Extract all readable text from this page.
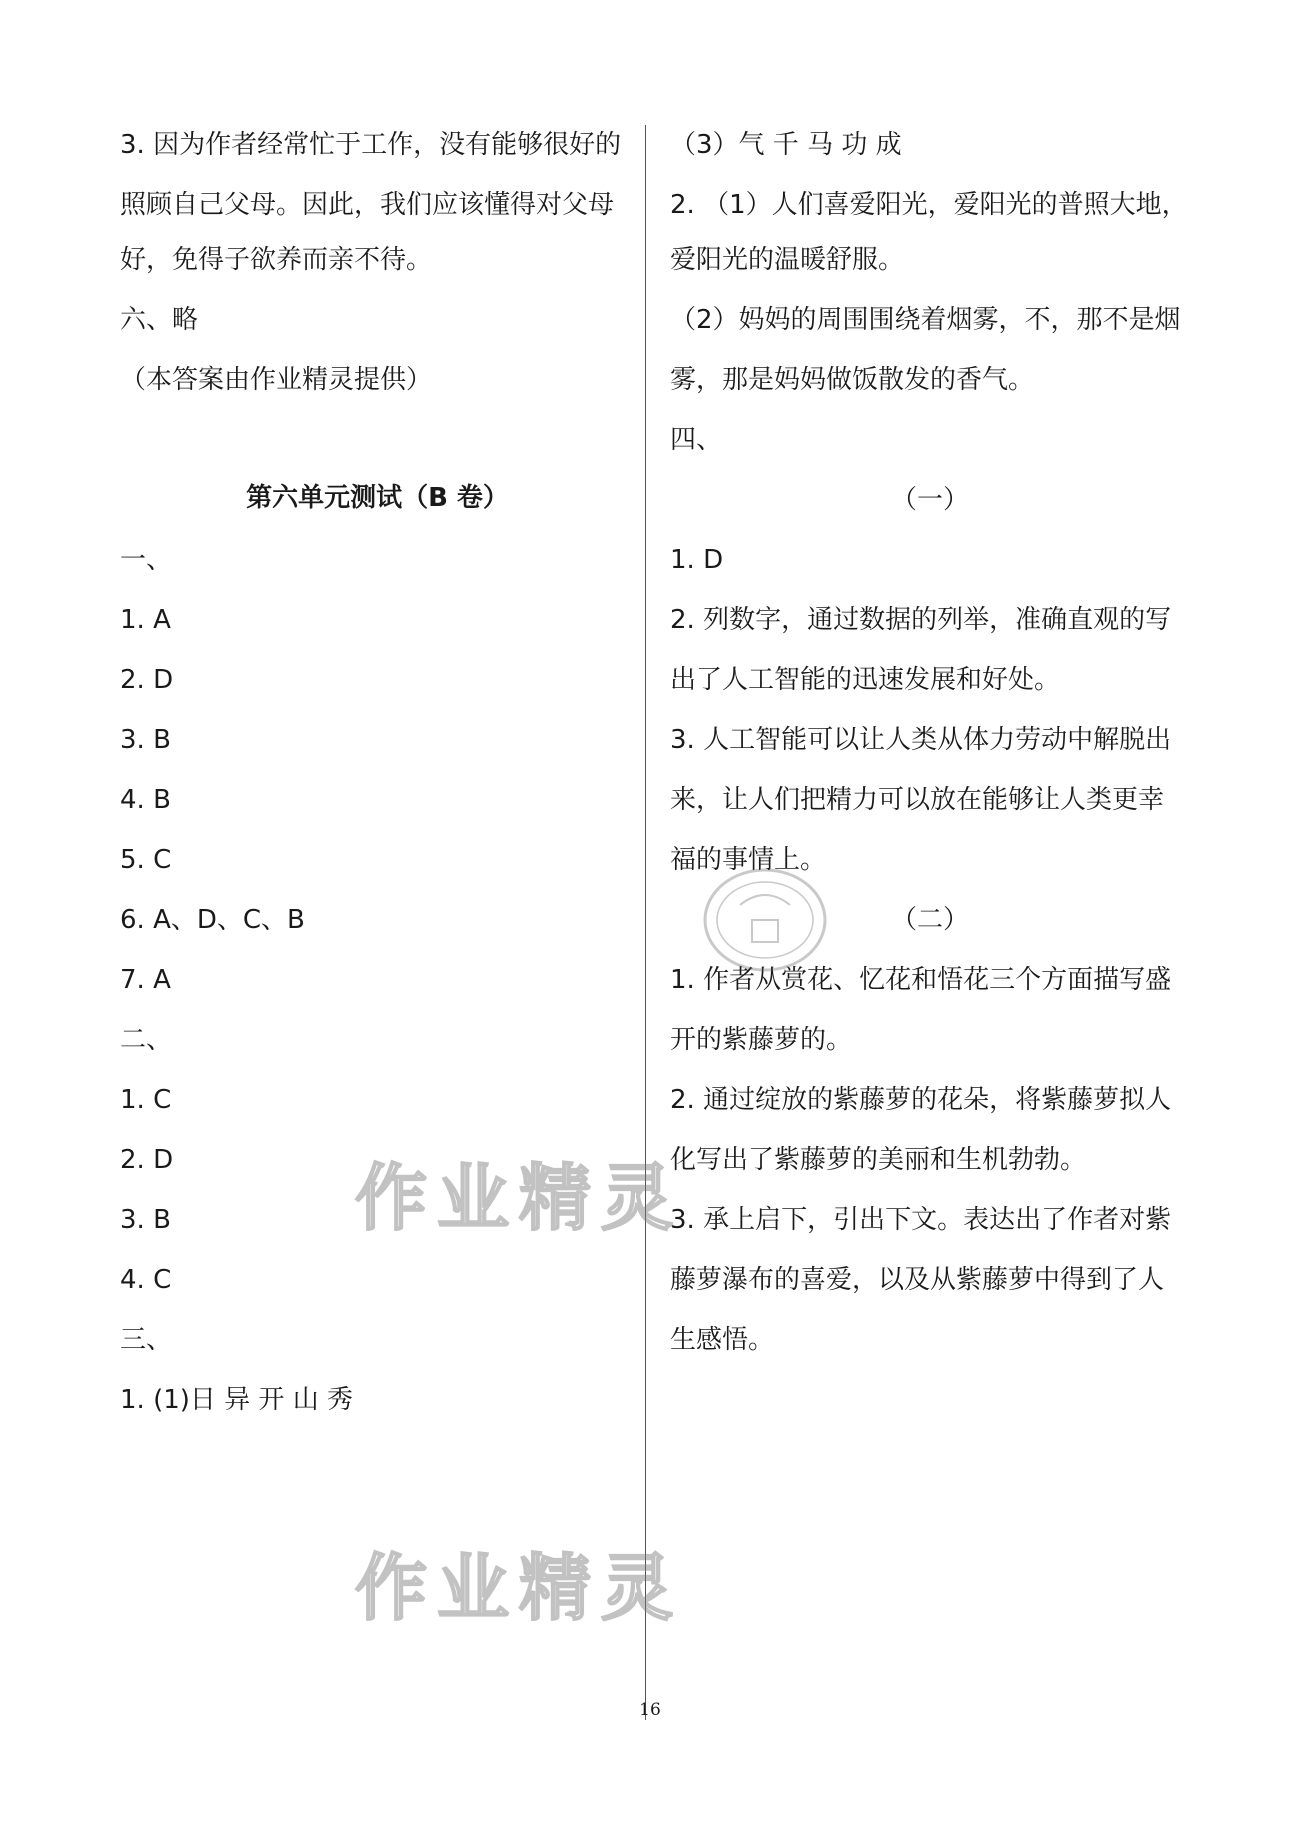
3. 因为作者经常忙于工作，没有能够很好的
照顾自己父母。因此，我们应该懂得对父母
好，免得子欲养而亲不待。
六、略
（本答案由作业精灵提供）
第六单元测试（B 卷）
一、
1. A
2. D
3. B
4. B
5. C
6. A、D、C、B
7. A
二、
1. C
2. D
3. B
4. C
三、
1. (1)日 异 开 山 秀
（3）气 千 马 功 成
2. （1）人们喜爱阳光，爱阳光的普照大地，
爱阳光的温暖舒服。
（2）妈妈的周围围绕着烟雾，不，那不是烟
雾，那是妈妈做饭散发的香气。
四、
（一）
1. D
2. 列数字，通过数据的列举，准确直观的写
出了人工智能的迅速发展和好处。
3. 人工智能可以让人类从体力劳动中解脱出
来，让人们把精力可以放在能够让人类更幸
福的事情上。
（二）
1. 作者从赏花、忆花和悟花三个方面描写盛
开的紫藤萝的。
2. 通过绽放的紫藤萝的花朵，将紫藤萝拟人
化写出了紫藤萝的美丽和生机勃勃。
3. 承上启下，引出下文。表达出了作者对紫
藤萝瀑布的喜爱，以及从紫藤萝中得到了人
生感悟。
作业精灵
作业精灵
16
